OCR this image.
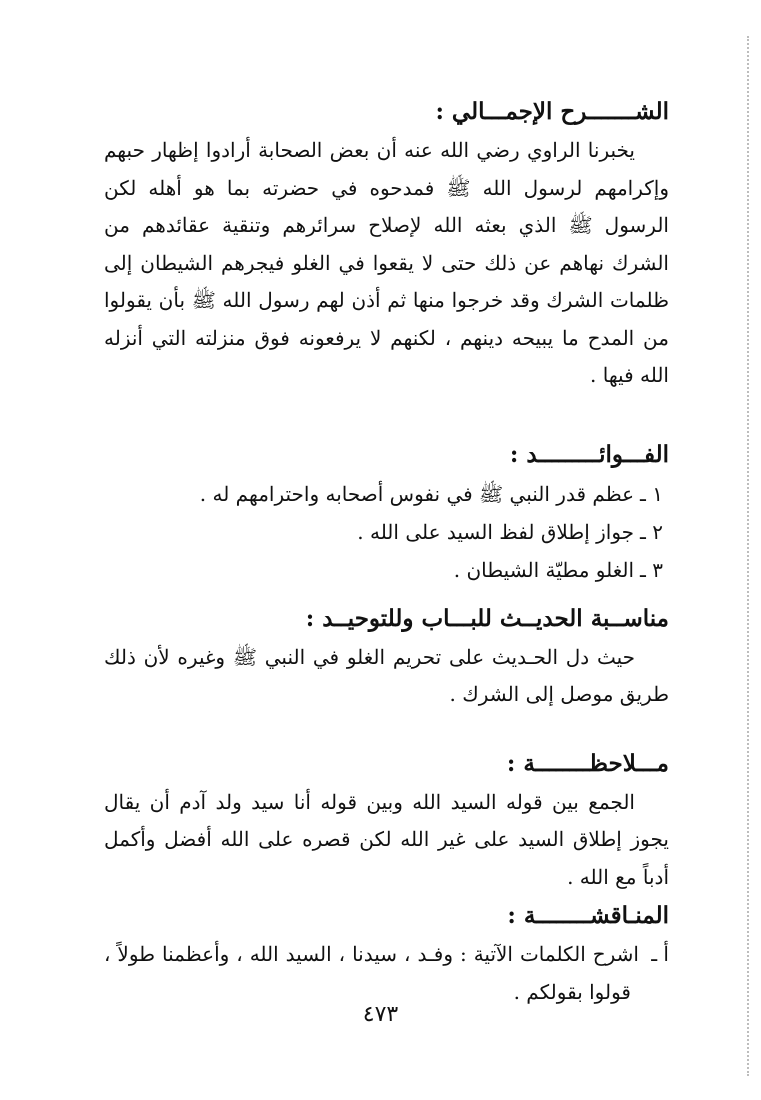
الشـــــــرح الإجمـــالي :

يخبرنا الراوي رضي الله عنه أن بعض الصحابة أرادوا إظهار حبهم وإكرامهم لرسول الله ﷺ فمدحوه في حضرته بما هو أهله لكن الرسول ﷺ الذي بعثه الله لإصلاح سرائرهم وتنقية عقائدهم من الشرك نهاهم عن ذلك حتى لا يقعوا في الغلو فيجرهم الشيطان إلى ظلمات الشرك وقد خرجوا منها ثم أذن لهم رسول الله ﷺ بأن يقولوا من المدح ما يبيحه دينهم ، لكنهم لا يرفعونه فوق منزلته التي أنزله الله فيها .

الفـــوائـــــــــد :
١ ـعظم قدر النبي ﷺ في نفوس أصحابه واحترامهم له .
٢ ـجواز إطلاق لفظ السيد على الله .
٣ ـالغلو مطيّة الشيطان .
مناســبة الحديــث للبـــاب وللتوحيــد :

حيث دل الحـديث على تحريم الغلو في النبي ﷺ وغيره لأن ذلك طريق موصل إلى الشرك .

مـــلاحظــــــــة :

الجمع بين قوله السيد الله وبين قوله أنا سيد ولد آدم أن يقال يجوز إطلاق السيد على غير الله لكن قصره على الله أفضل وأكمل أدباً مع الله .

المنـاقشــــــــة :

أ ـاشرح الكلمات الآتية : وفـد ، سيدنا ، السيد الله ، وأعظمنا طولاً ، قولوا بقولكم .

٤٧٣
